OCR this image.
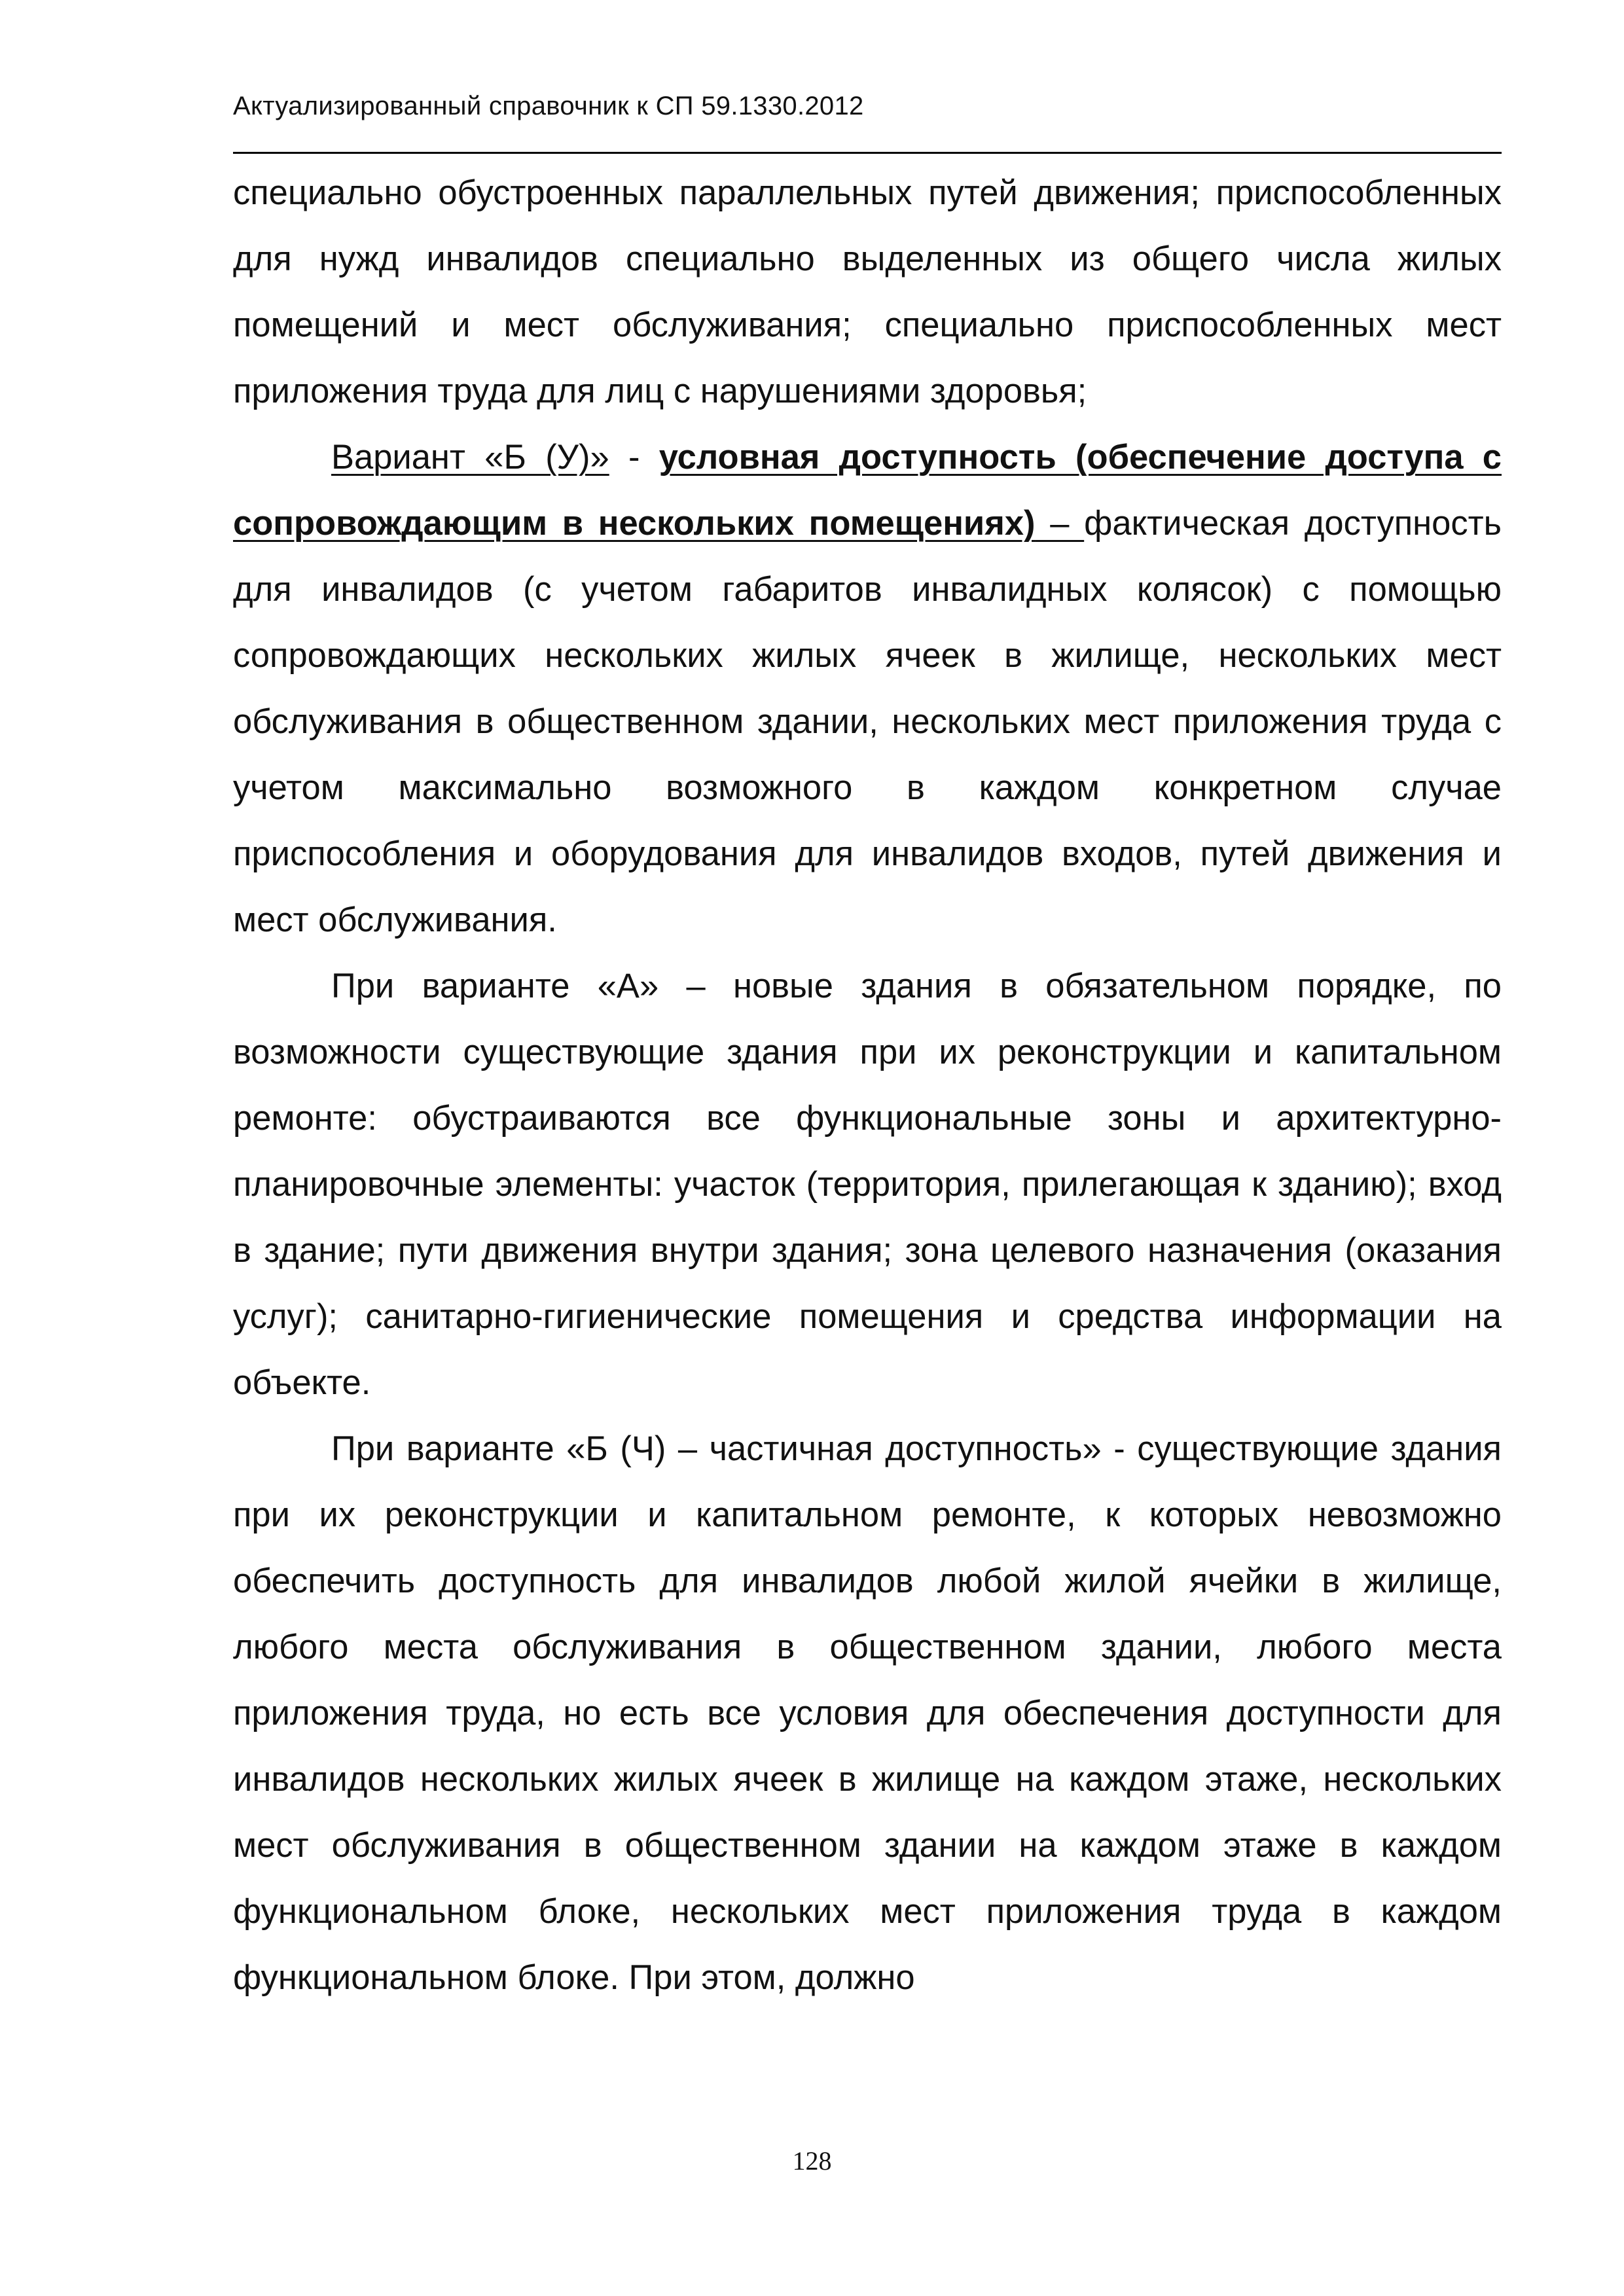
Актуализированный справочник к СП 59.1330.2012

специально обустроенных параллельных путей движения; приспособленных для нужд инвалидов специально выделенных из общего числа жилых помещений и мест обслуживания; специально приспособленных мест приложения труда для лиц с нарушениями здоровья;

Вариант «Б (У)» - условная доступность (обеспечение доступа с сопровождающим в нескольких помещениях) – фактическая доступность для инвалидов (с учетом габаритов инвалидных колясок) с помощью сопровождающих нескольких жилых ячеек в жилище, нескольких мест обслуживания в общественном здании, нескольких мест приложения труда с учетом максимально возможного в каждом конкретном случае приспособления и оборудования для инвалидов входов, путей движения и мест обслуживания.

При варианте «А» – новые здания в обязательном порядке, по возможности существующие здания при их реконструкции и капитальном ремонте: обустраиваются все функциональные зоны и архитектурно-планировочные элементы: участок (территория, прилегающая к зданию); вход в здание; пути движения внутри здания; зона целевого назначения (оказания услуг); санитарно-гигиенические помещения и средства информации на объекте.

При варианте «Б (Ч) – частичная доступность» - существующие здания при их реконструкции и капитальном ремонте, к которых невозможно обеспечить доступность для инвалидов любой жилой ячейки в жилище, любого места обслуживания в общественном здании, любого места приложения труда, но есть все условия для обеспечения доступности для инвалидов нескольких жилых ячеек в жилище на каждом этаже, нескольких мест обслуживания в общественном здании на каждом этаже в каждом функциональном блоке, нескольких мест приложения труда в каждом функциональном блоке. При этом, должно

128
